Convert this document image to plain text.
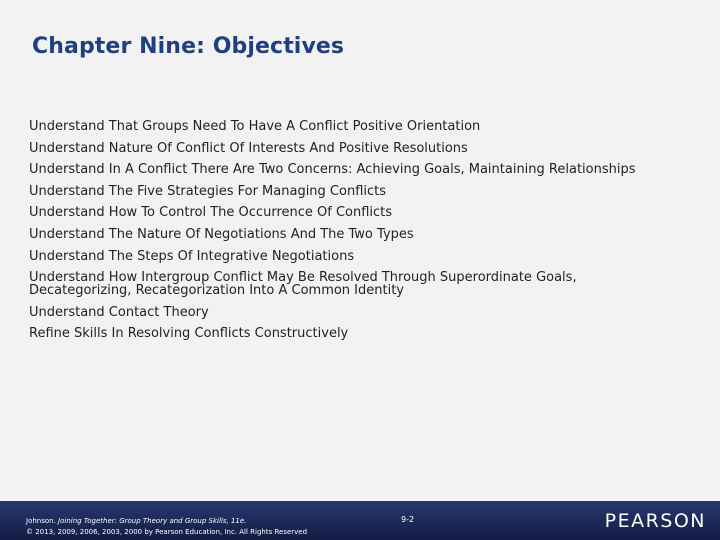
Chapter Nine: Objectives
Understand That Groups Need To Have A Conflict Positive Orientation
Understand Nature Of Conflict Of Interests And Positive Resolutions
Understand In A Conflict There Are Two Concerns: Achieving Goals, Maintaining Relationships
Understand The Five Strategies For Managing Conflicts
Understand How To Control The Occurrence Of Conflicts
Understand The Nature Of Negotiations And The Two Types
Understand The Steps Of Integrative Negotiations
Understand How Intergroup Conflict May Be Resolved Through Superordinate Goals, Decategorizing, Recategorization Into A Common Identity
Understand Contact Theory
Refine Skills In Resolving Conflicts Constructively
Johnson. Joining Together: Group Theory and Group Skills, 11e.
© 2013, 2009, 2006, 2003, 2000 by Pearson Education, Inc. All Rights Reserved
9-2	PEARSON
